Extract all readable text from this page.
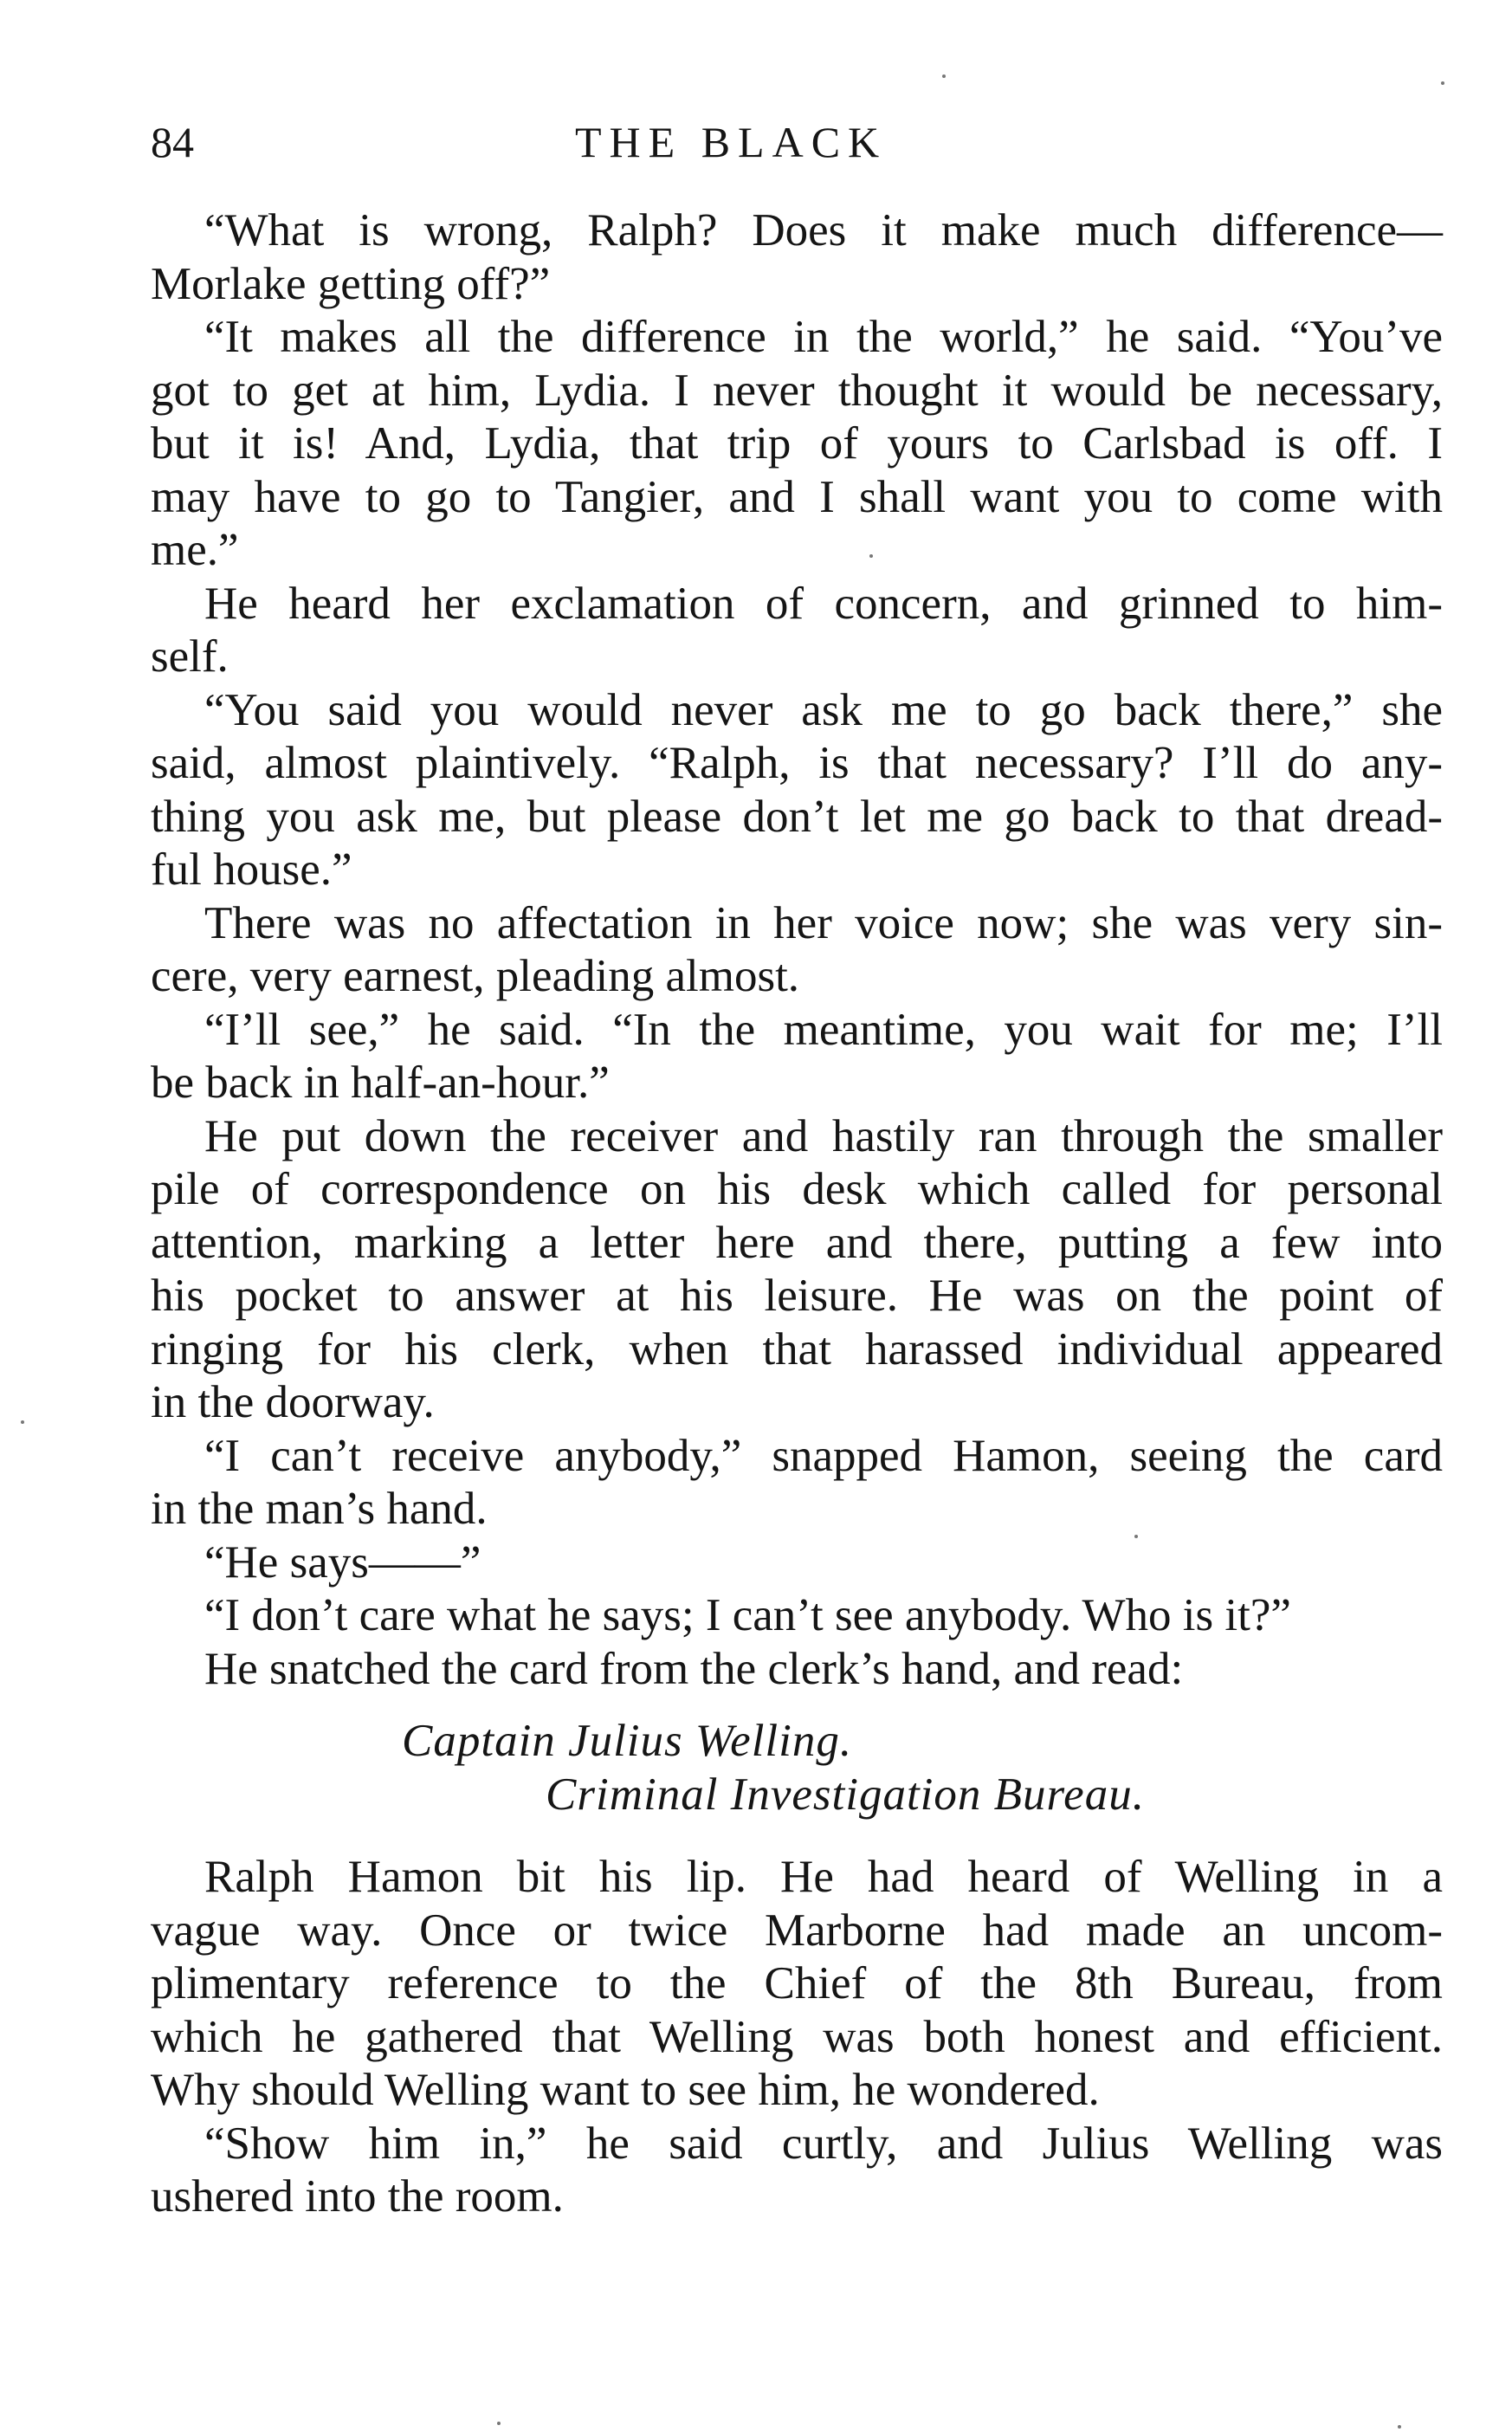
84	THE BLACK
“What is wrong, Ralph? Does it make much difference—
Morlake getting off?”
“It makes all the difference in the world,” he said. “You’ve
got to get at him, Lydia. I never thought it would be necessary,
but it is! And, Lydia, that trip of yours to Carlsbad is off. I
may have to go to Tangier, and I shall want you to come with
me.”
He heard her exclamation of concern, and grinned to him-
self.
“You said you would never ask me to go back there,” she
said, almost plaintively. “Ralph, is that necessary? I’ll do any-
thing you ask me, but please don’t let me go back to that dread-
ful house.”
There was no affectation in her voice now; she was very sin-
cere, very earnest, pleading almost.
“I’ll see,” he said. “In the meantime, you wait for me; I’ll
be back in half-an-hour.”
He put down the receiver and hastily ran through the smaller
pile of correspondence on his desk which called for personal
attention, marking a letter here and there, putting a few into
his pocket to answer at his leisure. He was on the point of
ringing for his clerk, when that harassed individual appeared
in the doorway.
“I can’t receive anybody,” snapped Hamon, seeing the card
in the man’s hand.
“He says——”
“I don’t care what he says; I can’t see anybody. Who is it?”
He snatched the card from the clerk’s hand, and read:
Captain Julius Welling.
Criminal Investigation Bureau.
Ralph Hamon bit his lip. He had heard of Welling in a
vague way. Once or twice Marborne had made an uncom-
plimentary reference to the Chief of the 8th Bureau, from
which he gathered that Welling was both honest and efficient.
Why should Welling want to see him, he wondered.
“Show him in,” he said curtly, and Julius Welling was
ushered into the room.
